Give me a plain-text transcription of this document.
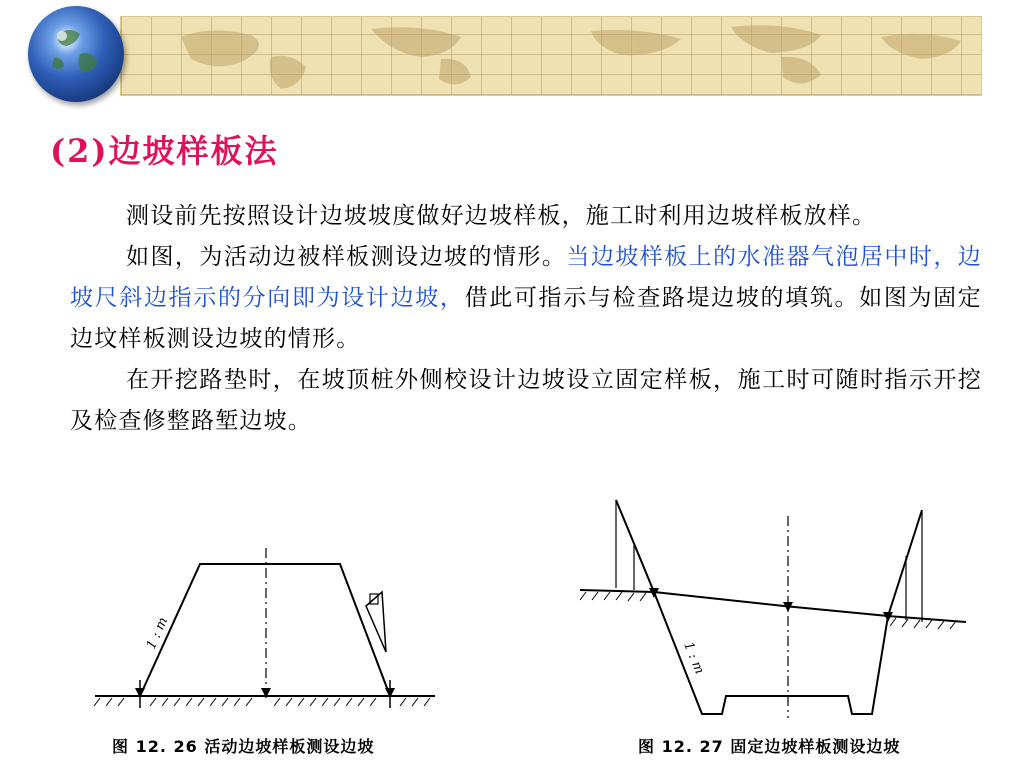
(2)边坡样板法

测设前先按照设计边坡坡度做好边坡样板，施工时利用边坡样板放样。

如图，为活动边被样板测设边坡的情形。当边坡样板上的水准器气泡居中时，边坡尺斜边指示的分向即为设计边坡，借此可指示与检查路堤边坡的填筑。如图为固定边坟样板测设边坡的情形。

在开挖路垫时，在坡顶桩外侧校设计边坡设立固定样板，施工时可随时指示开挖及检查修整路堑边坡。

1 : m
图 12. 26 活动边坡样板测设边坡
1 : m
图 12. 27 固定边坡样板测设边坡
